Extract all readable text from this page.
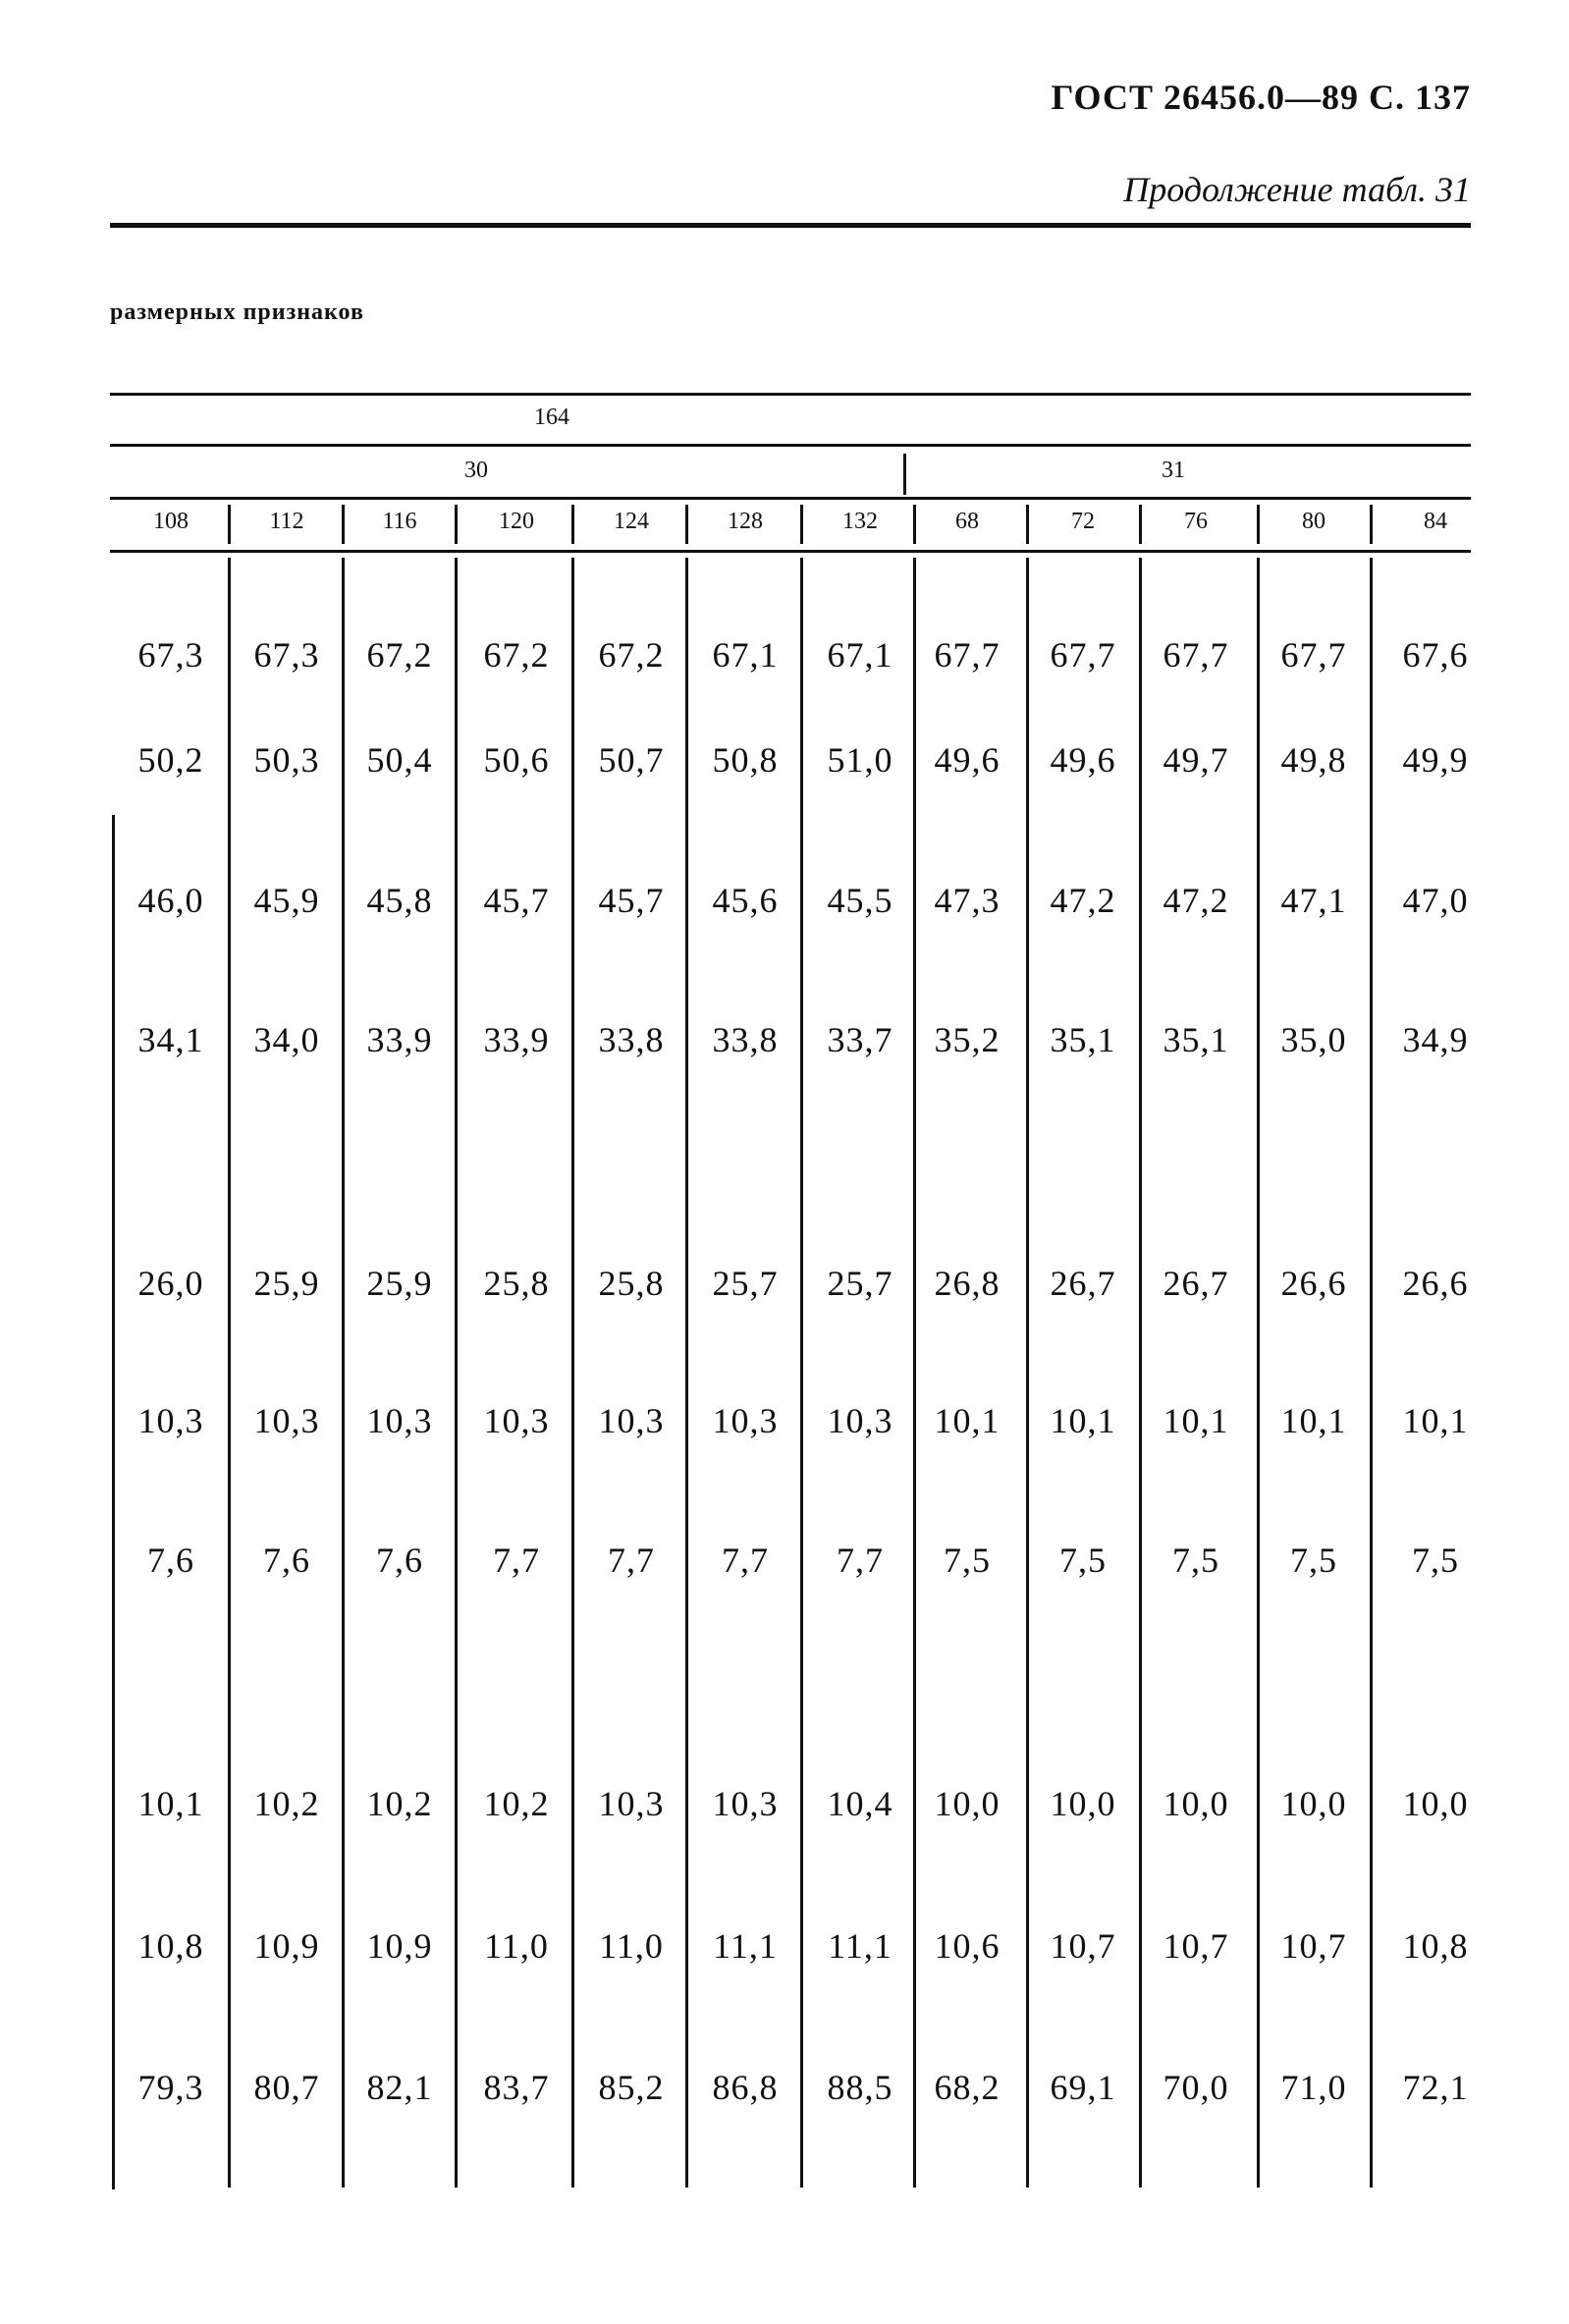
ГОСТ 26456.0—89 С. 137
Продолжение табл. 31
размерных признаков
164
30	31
108	112	116	120	124	128	132	68	72	76	80	84
67,3	67,3	67,2	67,2	67,2	67,1	67,1	67,7	67,7	67,7	67,7	67,6
50,2	50,3	50,4	50,6	50,7	50,8	51,0	49,6	49,6	49,7	49,8	49,9
46,0	45,9	45,8	45,7	45,7	45,6	45,5	47,3	47,2	47,2	47,1	47,0
34,1	34,0	33,9	33,9	33,8	33,8	33,7	35,2	35,1	35,1	35,0	34,9
26,0	25,9	25,9	25,8	25,8	25,7	25,7	26,8	26,7	26,7	26,6	26,6
10,3	10,3	10,3	10,3	10,3	10,3	10,3	10,1	10,1	10,1	10,1	10,1
7,6	7,6	7,6	7,7	7,7	7,7	7,7	7,5	7,5	7,5	7,5	7,5
10,1	10,2	10,2	10,2	10,3	10,3	10,4	10,0	10,0	10,0	10,0	10,0
10,8	10,9	10,9	11,0	11,0	11,1	11,1	10,6	10,7	10,7	10,7	10,8
79,3	80,7	82,1	83,7	85,2	86,8	88,5	68,2	69,1	70,0	71,0	72,1
